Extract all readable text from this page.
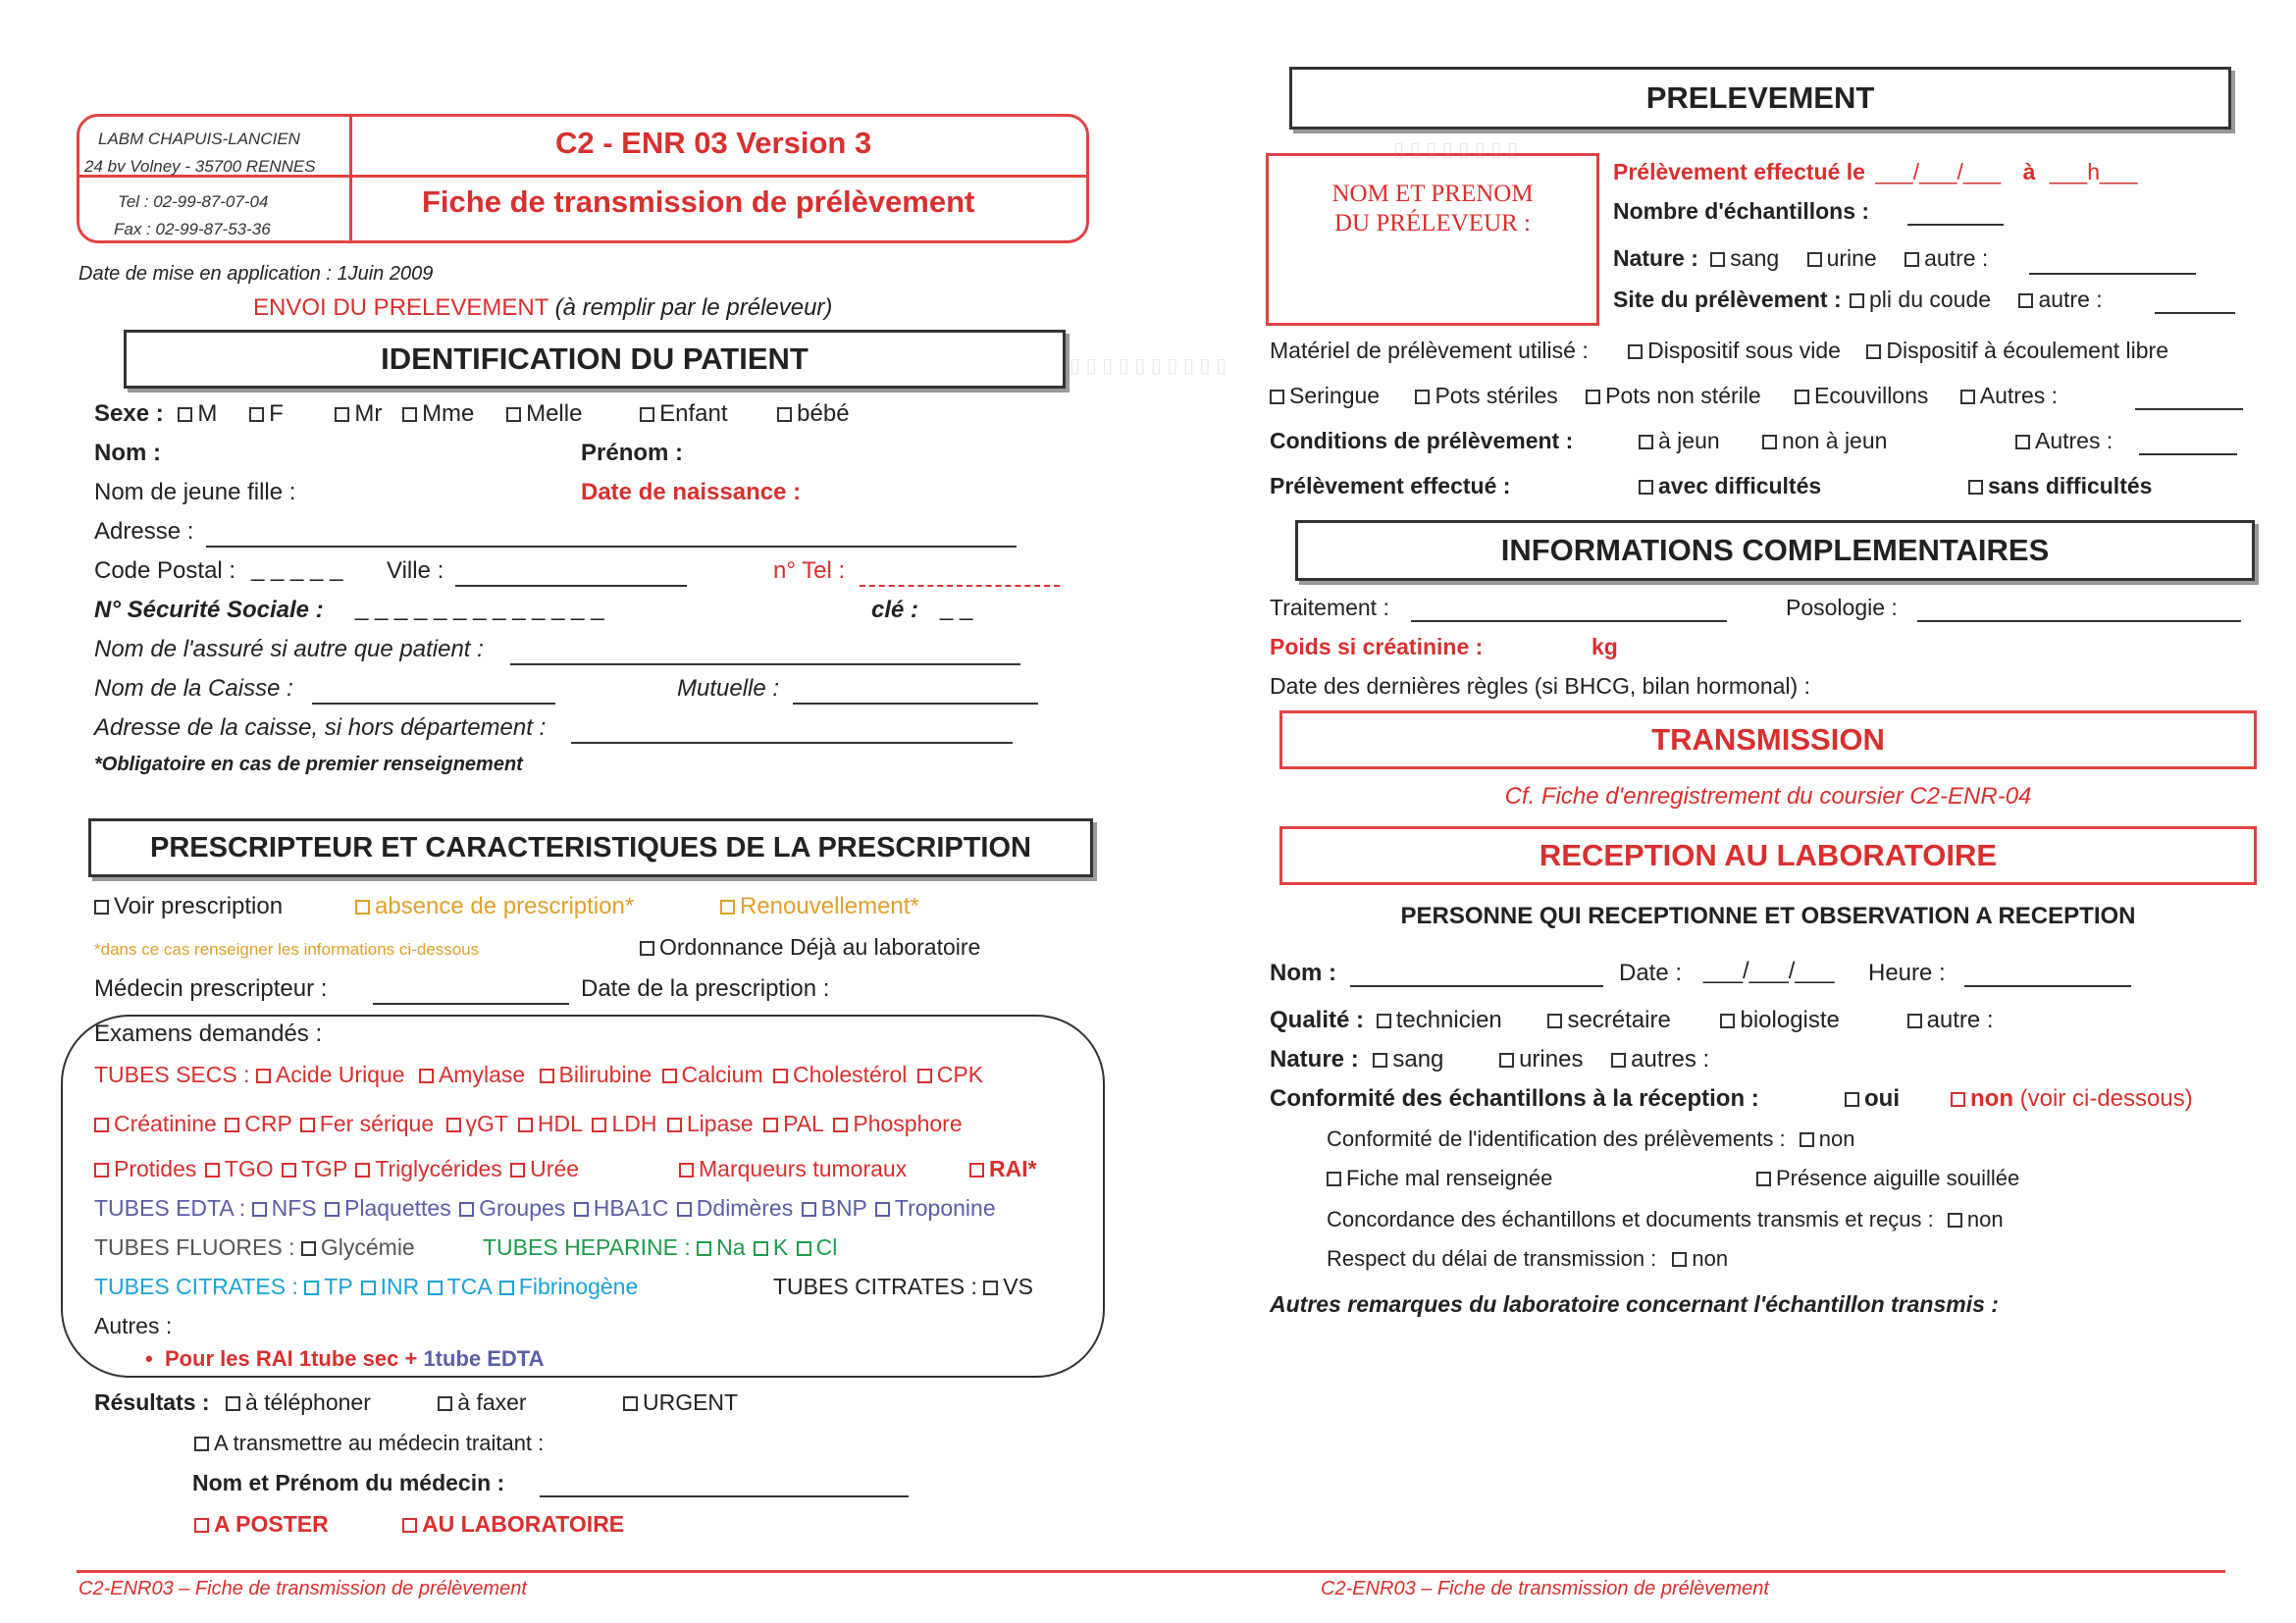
▯ ▯ ▯ ▯ ▯ ▯ ▯ ▯
▯ ▯ ▯ ▯ ▯ ▯ ▯ ▯ ▯ ▯
LABM CHAPUIS-LANCIEN
24 bv Volney - 35700 RENNES
Tel : 02-99-87-07-04
Fax : 02-99-87-53-36
C2 - ENR 03 Version 3
Fiche de transmission de prélèvement
Date de mise en application : 1Juin 2009
ENVOI DU PRELEVEMENT (à remplir par le préleveur)
IDENTIFICATION DU PATIENT
Sexe : M F	Mr Mme Melle	Enfant	bébé
Nom :	Prénom :
Nom de jeune fille :	Date de naissance :
Adresse :
Code Postal : _ _ _ _ _ Ville :	n° Tel :
N° Sécurité Sociale : _ _ _ _ _ _ _ _ _ _ _ _ _	clé : _ _
Nom de l'assuré si autre que patient :
Nom de la Caisse :	Mutuelle :
Adresse de la caisse, si hors département :
*Obligatoire en cas de premier renseignement
PRESCRIPTEUR ET CARACTERISTIQUES DE LA PRESCRIPTION
Voir prescription	absence de prescription*	Renouvellement*
*dans ce cas renseigner les informations ci-dessous	Ordonnance Déjà au laboratoire
Médecin prescripteur :	Date de la prescription :
Examens demandés :
TUBES SECS : Acide Urique Amylase Bilirubine Calcium Cholestérol CPK
Créatinine CRP Fer sérique γGT HDL LDH Lipase PAL Phosphore
Protides TGO TGP Triglycérides Urée	Marqueurs tumoraux	RAI*
TUBES EDTA : NFS Plaquettes Groupes HBA1C Ddimères BNP Troponine
TUBES FLUORES : Glycémie	TUBES HEPARINE : Na K Cl
TUBES CITRATES : TP INR TCA Fibrinogène	TUBES CITRATES : VS
Autres :
•  Pour les RAI 1tube sec + 1tube EDTA
Résultats : à téléphoner	à faxer	URGENT
A transmettre au médecin traitant :
Nom et Prénom du médecin :
A POSTER	AU LABORATOIRE
PRELEVEMENT
NOM ET PRENOM
DU PRÉLEVEUR :
Prélèvement effectué le ___/___/___ à ___h___
Nombre d'échantillons :
Nature : sang urine autre :
Site du prélèvement : pli du coude autre :
Matériel de prélèvement utilisé :	Dispositif sous vide Dispositif à écoulement libre
Seringue Pots stériles Pots non stérile Ecouvillons Autres :
Conditions de prélèvement :	à jeun	non à jeun	Autres :
Prélèvement effectué :	avec difficultés	sans difficultés
INFORMATIONS COMPLEMENTAIRES
Traitement :	Posologie :
Poids si créatinine :	kg
Date des dernières règles (si BHCG, bilan hormonal) :
TRANSMISSION
Cf. Fiche d'enregistrement du coursier C2-ENR-04
RECEPTION AU LABORATOIRE
PERSONNE QUI RECEPTIONNE ET OBSERVATION A RECEPTION
Nom :	Date : ___/___/___ Heure :
Qualité : technicien	secrétaire	biologiste	autre :
Nature : sang	urines autres :
Conformité des échantillons à la réception :	oui	non (voir ci-dessous)
Conformité de l'identification des prélèvements : non
Fiche mal renseignée	Présence aiguille souillée
Concordance des échantillons et documents transmis et reçus : non
Respect du délai de transmission : non
Autres remarques du laboratoire concernant l'échantillon transmis :
C2-ENR03 – Fiche de transmission de prélèvement	C2-ENR03 – Fiche de transmission de prélèvement
